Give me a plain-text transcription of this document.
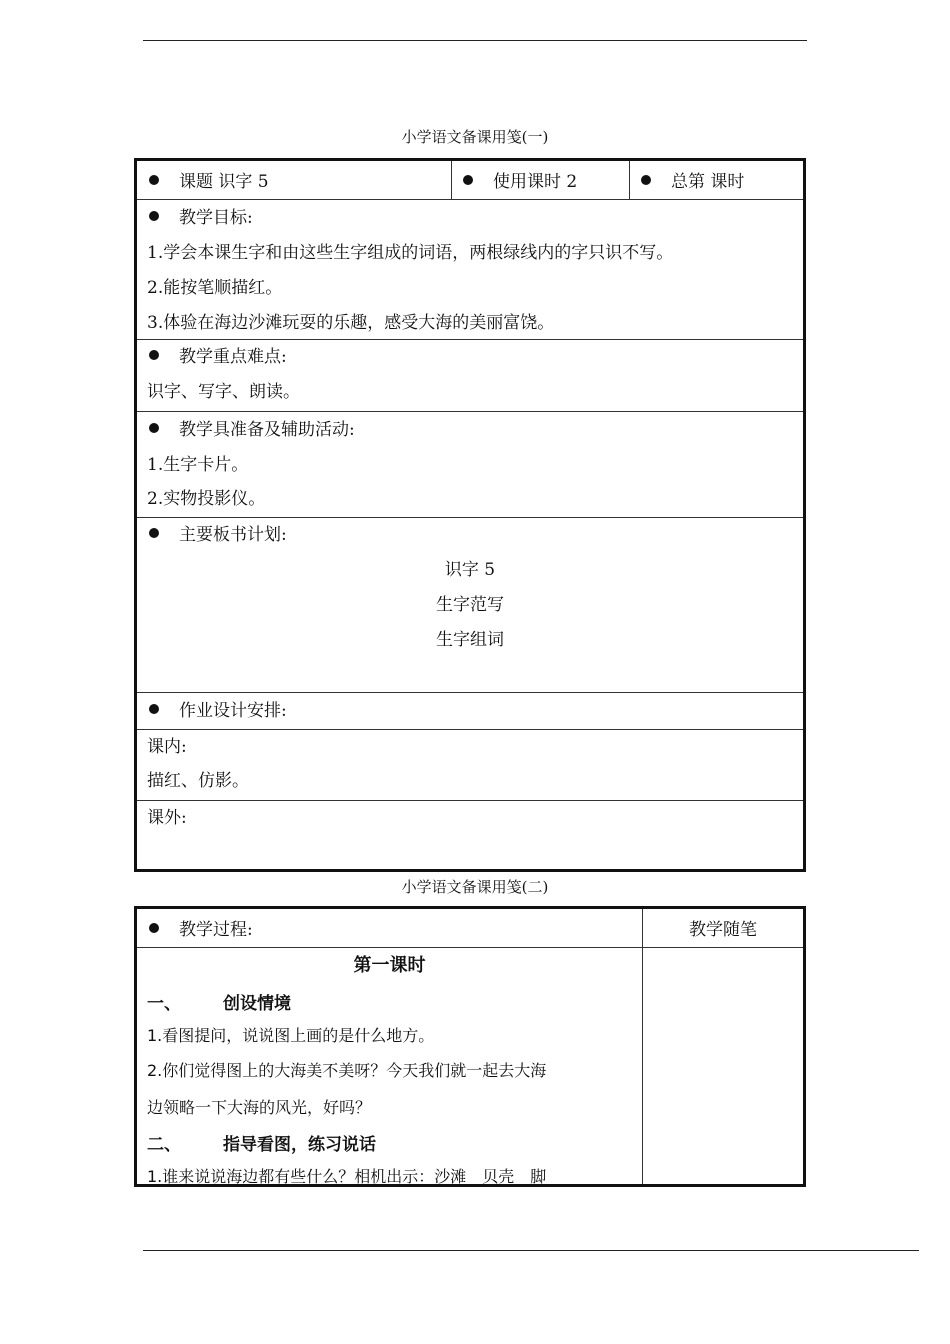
小学语文备课用笺(一)
课题 识字 5	使用课时 2	总第 课时
教学目标:
1.学会本课生字和由这些生字组成的词语，两根绿线内的字只识不写。
2.能按笔顺描红。
3.体验在海边沙滩玩耍的乐趣，感受大海的美丽富饶。
教学重点难点:
识字、写字、朗读。
教学具准备及辅助活动:
1.生字卡片。
2.实物投影仪。
主要板书计划:
识字 5
生字范写
生字组词
作业设计安排:
课内:
描红、仿影。
课外:
小学语文备课用笺(二)
教学过程:	教学随笔
第一课时
一、 创设情境
1.看图提问，说说图上画的是什么地方。
2.你们觉得图上的大海美不美呀？今天我们就一起去大海
边领略一下大海的风光，好吗？
二、 指导看图，练习说话
1.谁来说说海边都有些什么？相机出示：沙滩　贝壳　脚
